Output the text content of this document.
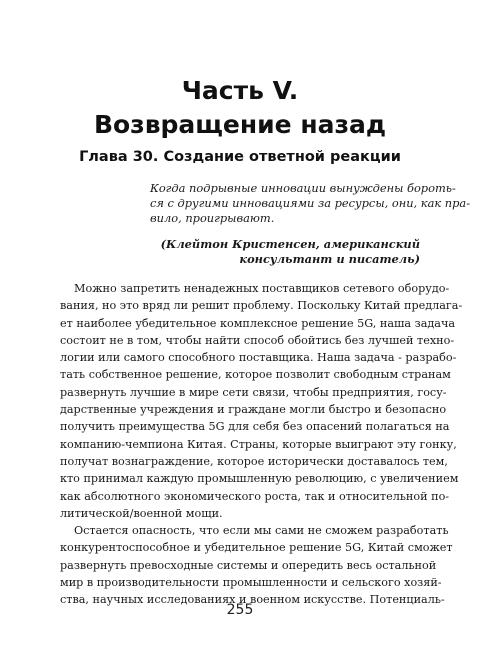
Часть V.
Возвращение назад
Глава 30. Создание ответной реакции
Когда подрывные инновации вынуждены бороть-
ся с другими инновациями за ресурсы, они, как пра-
вило, проигрывают.
(Клейтон Кристенсен, американский
консультант и писатель)
Можно запретить ненадежных поставщиков сетевого оборудо-
вания, но это вряд ли решит проблему. Поскольку Китай предлага-
ет наиболее убедительное комплексное решение 5G, наша задача
состоит не в том, чтобы найти способ обойтись без лучшей техно-
логии или самого способного поставщика. Наша задача - разрабо-
тать собственное решение, которое позволит свободным странам
развернуть лучшие в мире сети связи, чтобы предприятия, госу-
дарственные учреждения и граждане могли быстро и безопасно
получить преимущества 5G для себя без опасений полагаться на
компанию-чемпиона Китая. Страны, которые выиграют эту гонку,
получат вознаграждение, которое исторически доставалось тем,
кто принимал каждую промышленную революцию, с увеличением
как абсолютного экономического роста, так и относительной по-
литической/военной мощи.
Остается опасность, что если мы сами не сможем разработать
конкурентоспособное и убедительное решение 5G, Китай сможет
развернуть превосходные системы и опередить весь остальной
мир в производительности промышленности и сельского хозяй-
ства, научных исследованиях и военном искусстве. Потенциаль-
255
